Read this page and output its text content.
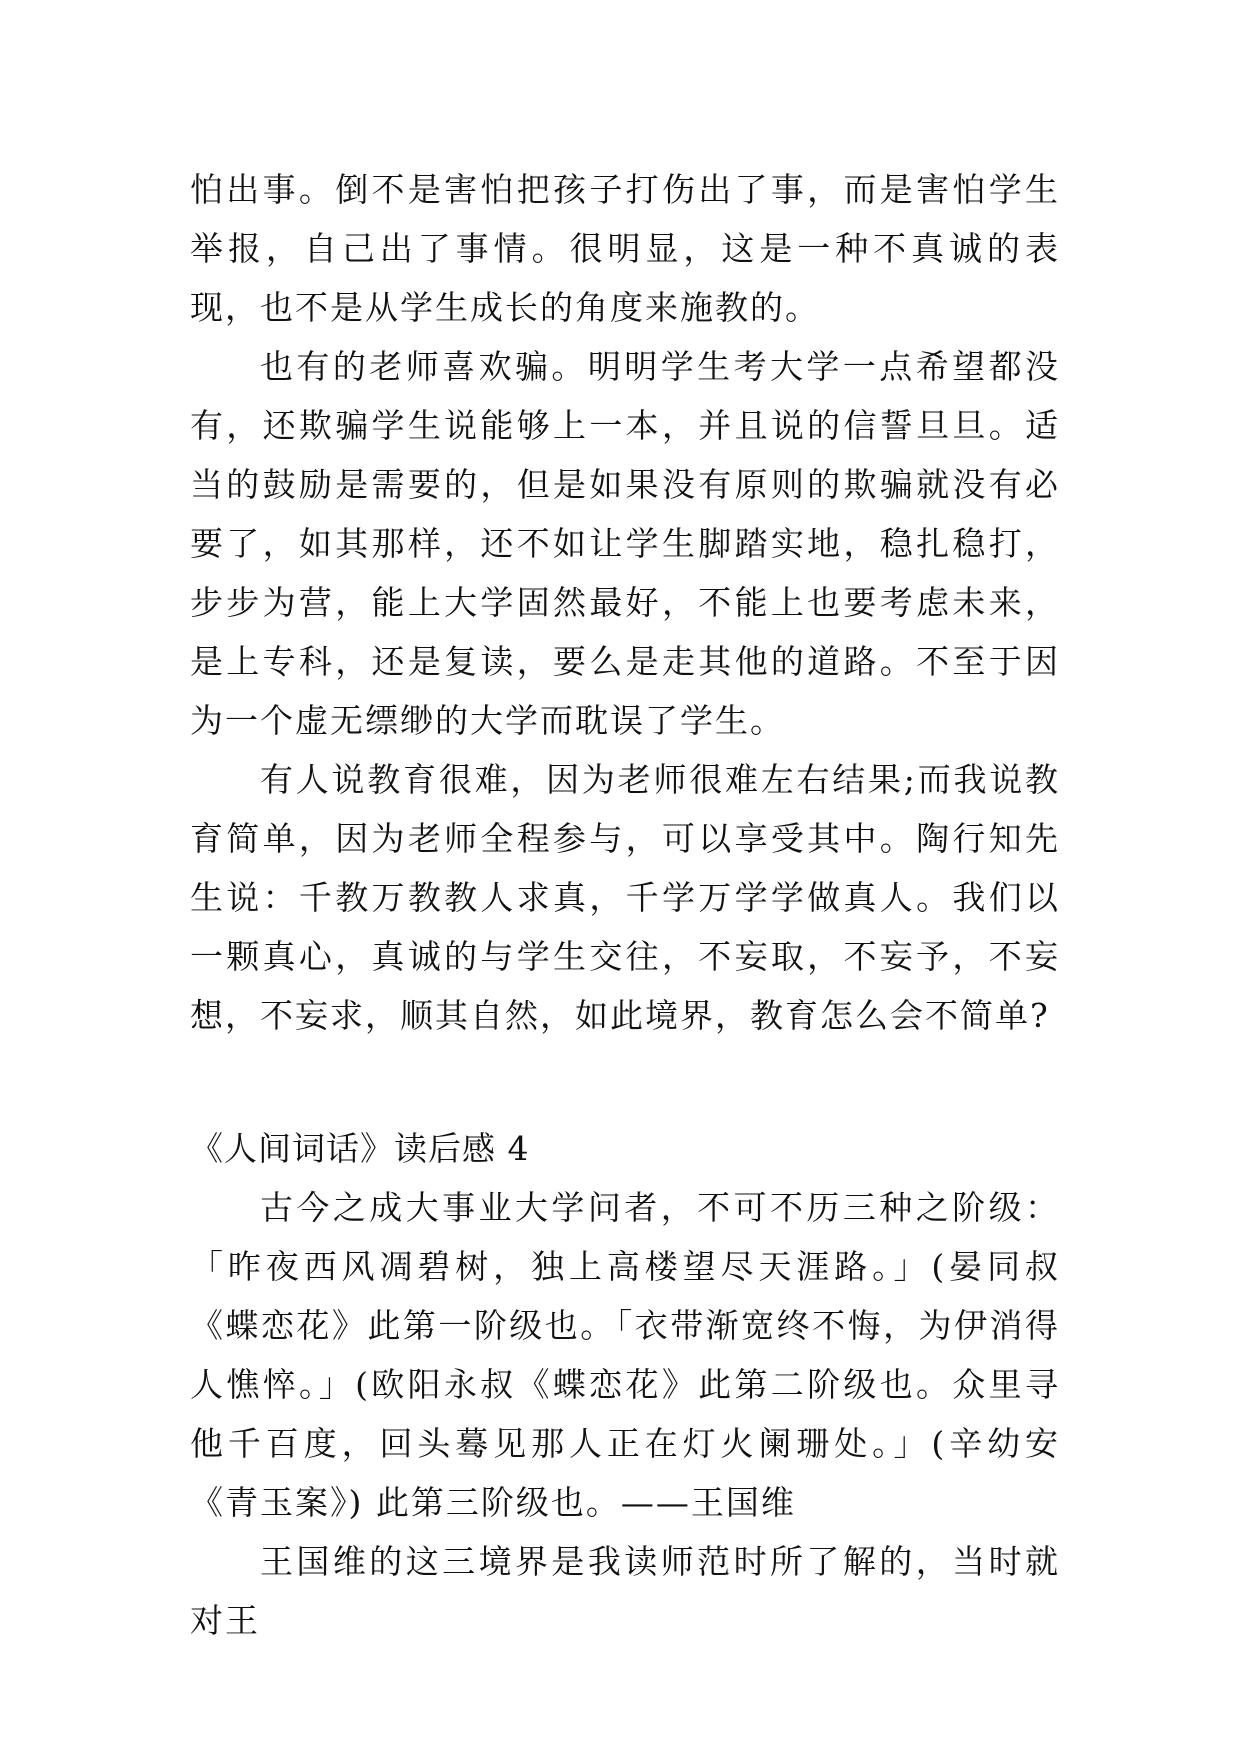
怕出事。倒不是害怕把孩子打伤出了事，而是害怕学生举报，自己出了事情。很明显，这是一种不真诚的表现，也不是从学生成长的角度来施教的。

也有的老师喜欢骗。明明学生考大学一点希望都没有，还欺骗学生说能够上一本，并且说的信誓旦旦。适当的鼓励是需要的，但是如果没有原则的欺骗就没有必要了，如其那样，还不如让学生脚踏实地，稳扎稳打，步步为营，能上大学固然最好，不能上也要考虑未来，是上专科，还是复读，要么是走其他的道路。不至于因为一个虚无缥缈的大学而耽误了学生。

有人说教育很难，因为老师很难左右结果;而我说教育简单，因为老师全程参与，可以享受其中。陶行知先生说：千教万教教人求真，千学万学学做真人。我们以一颗真心，真诚的与学生交往，不妄取，不妄予，不妄想，不妄求，顺其自然，如此境界，教育怎么会不简单?

《人间词话》读后感 4

古今之成大事业大学问者，不可不历三种之阶级：「昨夜西风凋碧树，独上高楼望尽天涯路。」(晏同叔《蝶恋花》此第一阶级也。「衣带渐宽终不悔，为伊消得人憔悴。」(欧阳永叔《蝶恋花》此第二阶级也。众里寻他千百度，回头蓦见那人正在灯火阑珊处。」(辛幼安《青玉案》) 此第三阶级也。——王国维

王国维的这三境界是我读师范时所了解的，当时就对王
